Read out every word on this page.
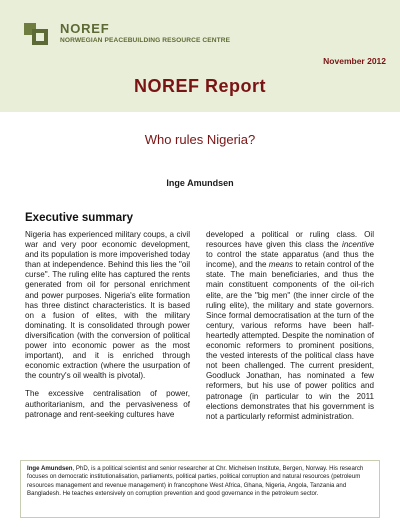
NOREF
NORWEGIAN PEACEBUILDING RESOURCE CENTRE
November 2012
NOREF Report
Who rules Nigeria?
Inge Amundsen
Executive summary

Nigeria has experienced military coups, a civil war and very poor economic development, and its population is more impoverished today than at independence. Behind this lies the "oil curse". The ruling elite has captured the rents generated from oil for personal enrichment and power purposes. Nigeria's elite formation has three distinct characteristics. It is based on a fusion of elites, with the military dominating. It is consolidated through power diversification (with the conversion of political power into economic power as the most important), and it is enriched through economic extraction (where the usurpation of the country's oil wealth is pivotal).

The excessive centralisation of power, authoritarianism, and the pervasiveness of patronage and rent-seeking cultures have

developed a political or ruling class. Oil resources have given this class the incentive to control the state apparatus (and thus the income), and the means to retain control of the state. The main beneficiaries, and thus the main constituent components of the oil-rich elite, are the "big men" (the inner circle of the ruling elite), the military and state governors. Since formal democratisation at the turn of the century, various reforms have been half-heartedly attempted. Despite the nomination of economic reformers to prominent positions, the vested interests of the political class have not been challenged. The current president, Goodluck Jonathan, has nominated a few reformers, but his use of power politics and patronage (in particular to win the 2011 elections demonstrates that his government is not a particularly reformist administration.

Inge Amundsen, PhD, is a political scientist and senior researcher at Chr. Michelsen Institute, Bergen, Norway. His research focuses on democratic institutionalisation, parliaments, political parties, political corruption and natural resources (petroleum resources management and revenue management) in francophone West Africa, Ghana, Nigeria, Angola, Tanzania and Bangladesh. He teaches extensively on corruption prevention and good governance in the petroleum sector.
